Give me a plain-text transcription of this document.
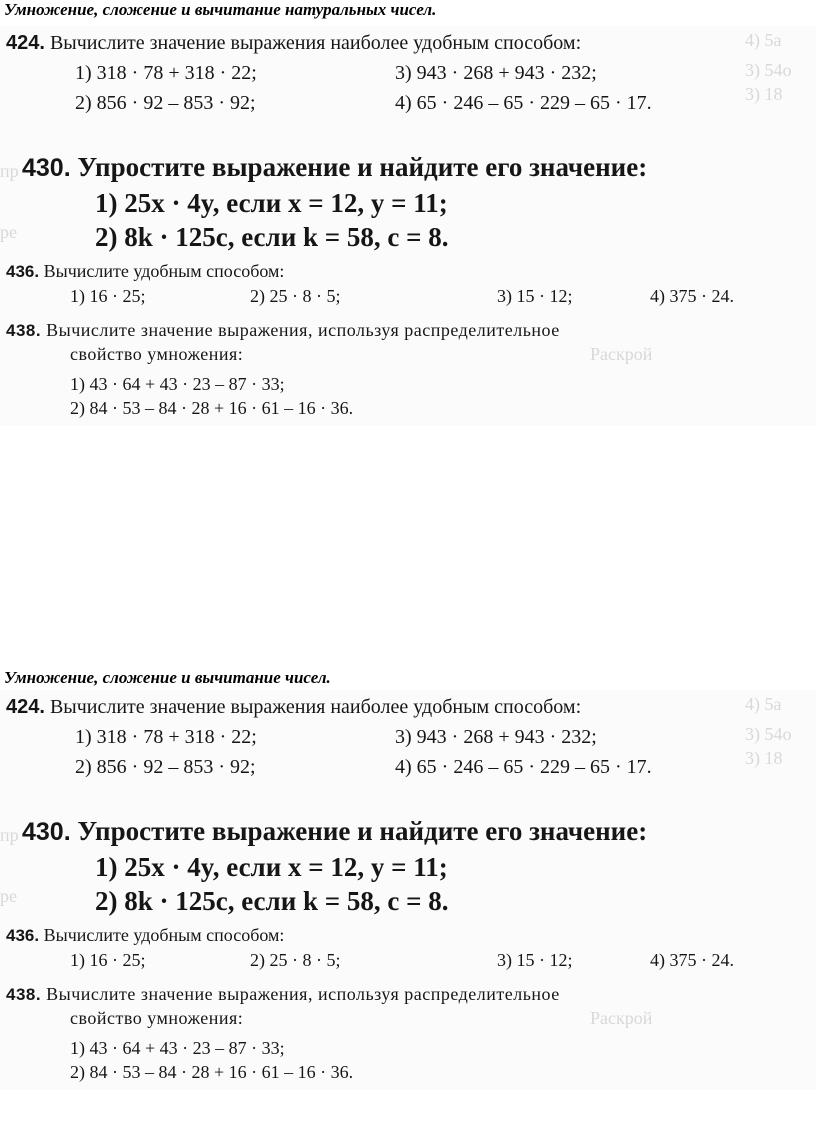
Умножение, сложение и вычитание натуральных чисел.
4) 5а
3) 54о
3) 18
пр
ре
Раскрой
424. Вычислите значение выражения наиболее удобным способом:
1) 318 · 78 + 318 · 22;	3) 943 · 268 + 943 · 232;
2) 856 · 92 – 853 · 92;	4) 65 · 246 – 65 · 229 – 65 · 17.
430. Упростите выражение и найдите его значение:
1) 25x · 4y, если x = 12, y = 11;
2) 8k · 125c, если k = 58, c = 8.
436. Вычислите удобным способом:
1) 16 · 25;	2) 25 · 8 · 5;	3) 15 · 12;	4) 375 · 24.
438. Вычислите значение выражения, используя распределительное
свойство умножения:
1) 43 · 64 + 43 · 23 – 87 · 33;
2) 84 · 53 – 84 · 28 + 16 · 61 – 16 · 36.
Умножение, сложение и вычитание чисел.
4) 5а
3) 54о
3) 18
пр
ре
Раскрой
424. Вычислите значение выражения наиболее удобным способом:
1) 318 · 78 + 318 · 22;	3) 943 · 268 + 943 · 232;
2) 856 · 92 – 853 · 92;	4) 65 · 246 – 65 · 229 – 65 · 17.
430. Упростите выражение и найдите его значение:
1) 25x · 4y, если x = 12, y = 11;
2) 8k · 125c, если k = 58, c = 8.
436. Вычислите удобным способом:
1) 16 · 25;	2) 25 · 8 · 5;	3) 15 · 12;	4) 375 · 24.
438. Вычислите значение выражения, используя распределительное
свойство умножения:
1) 43 · 64 + 43 · 23 – 87 · 33;
2) 84 · 53 – 84 · 28 + 16 · 61 – 16 · 36.
